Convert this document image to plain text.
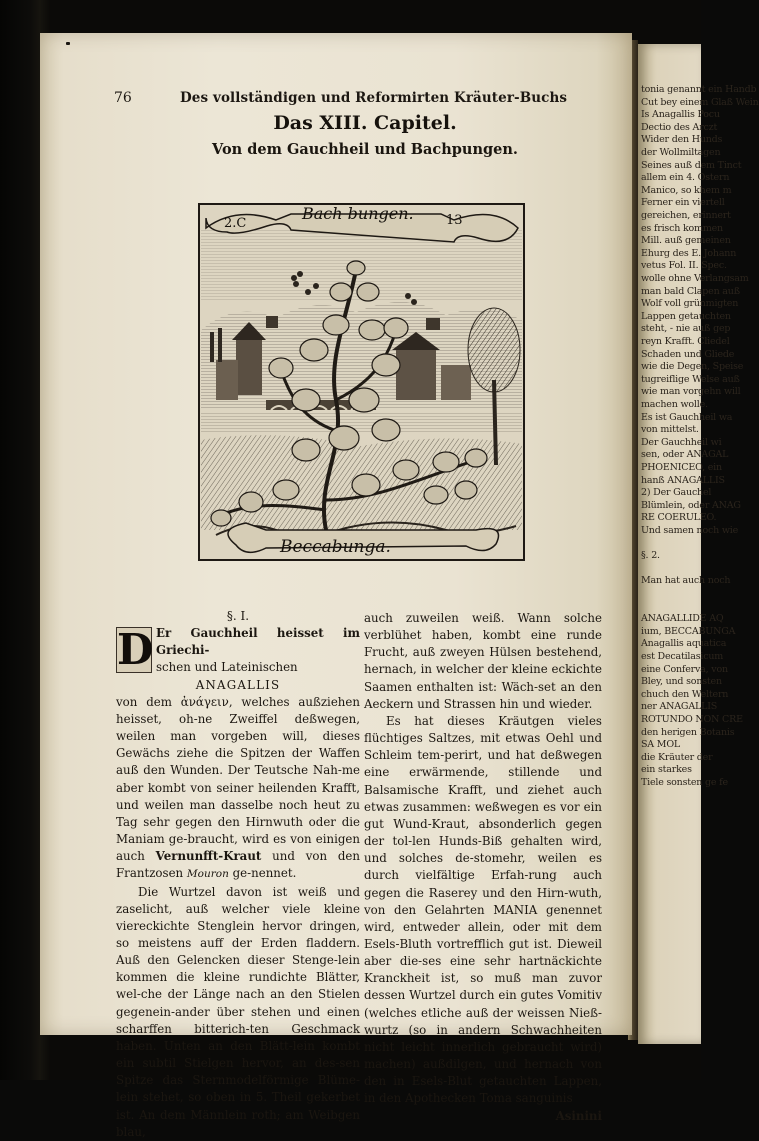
tonia genannt ein Handb
Cut bey einem Glaß Wein
Is Anagallis Pocu
Dectio des Arczt
Wider den Hunds
der Wollmiltagen
Seines auß dem Tinct
allem ein 4. Ostern
Manico, so khem m
Ferner ein viertell
gereichen, erinnert
es frisch kommen
Mill. auß gemeinen
Ehurg des E. Johann
vetus Fol. II. Spec.
wolle ohne Verlangsam
man bald Clapen auß
Wolf voll grünmigten
Lappen getauchten
steht, - nie auß gep
reyn Krafft. Cliedel
Schaden und Gliede
wie die Degen, Speise
tugreiflige Welse auß
wie man vorgehn will
machen wolle.
Es ist Gauchheil wa
von mittelst.
Der Gauchheil wi
sen, oder ANAGAL
PHOENICEO, ein
hanß ANAGALLIS
2) Der Gauchel
Blümlein, oder ANAG
RE COERULEO.
Und samen noch wie
§. 2.
Man hat auch noch
ANAGALLIDE AQ
ium, BECCABUNGA
Anagallis aquatica
est Decatilasicum
eine Conferva, von
Bley, und sonsten
chuch den Weltern
ner ANAGALLIS
ROTUNDO NON CRE
den herigen Botanis
SA MOL
die Kräuter der
ein starkes
Tiele sonsten ge fe
76	Des vollständigen und Reformirten Kräuter-Buchs
Das XIII. Capitel.
Von dem Gauchheil und Bachpungen.
Bach bungen.
Beccabunga.
2.C	13

§. I.

D Er Gauchheil heisset im Griechi-

schen und Lateinischen

ANAGALLIS

von dem ἀνάγειν, welches außziehen heisset, oh-ne Zweiffel deßwegen, weilen man vorgeben will, dieses Gewächs ziehe die Spitzen der Waffen auß den Wunden. Der Teutsche Nah-me aber kombt von seiner heilenden Krafft, und weilen man dasselbe noch heut zu Tag sehr gegen den Hirnwuth oder die Maniam ge-braucht, wird es von einigen auch Vernunfft-Kraut und von den Frantzosen Mouron ge-nennet.

Die Wurtzel davon ist weiß und zaselicht, auß welcher viele kleine viereckichte Stenglein hervor dringen, so meistens auff der Erden fladdern. Auß den Gelencken dieser Stenge-lein kommen die kleine rundichte Blätter, wel-che der Länge nach an den Stielen gegenein-ander über stehen und einen scharffen bitterich-ten Geschmack haben. Unten an den Blätt-lein kombt ein subtil Stielgen hervor, an des-sen Spitze das Sternmodelförmige Blüme-lein stehet, so oben in 5. Theil gekerbet ist. An dem Männlein roth; am Weibgen blau,

auch zuweilen weiß. Wann solche verblühet haben, kombt eine runde Frucht, auß zweyen Hülsen bestehend, hernach, in welcher der kleine eckichte Saamen enthalten ist: Wäch-set an den Aeckern und Strassen hin und wieder.

Es hat dieses Kräutgen vieles flüchtiges Saltzes, mit etwas Oehl und Schleim tem-perirt, und hat deßwegen eine erwärmende, stillende und Balsamische Krafft, und ziehet auch etwas zusammen: weßwegen es vor ein gut Wund-Kraut, absonderlich gegen der tol-len Hunds-Biß gehalten wird, und solches de-stomehr, weilen es durch vielfältige Erfah-rung auch gegen die Raserey und den Hirn-wuth, von den Gelahrten MANIA genennet wird, entweder allein, oder mit dem Esels-Bluth vortrefflich gut ist. Dieweil aber die-ses eine sehr hartnäckichte Kranckheit ist, so muß man zuvor dessen Wurtzel durch ein gutes Vomitiv (welches etliche auß der weissen Nieß-wurtz (so in andern Schwachheiten nicht leicht innerlich gebraucht wird) machen) außdilgen, und hernach von den in Esels-Blut getauchten Lappen, in den Apothecken Toma sanguinis

Asinini
